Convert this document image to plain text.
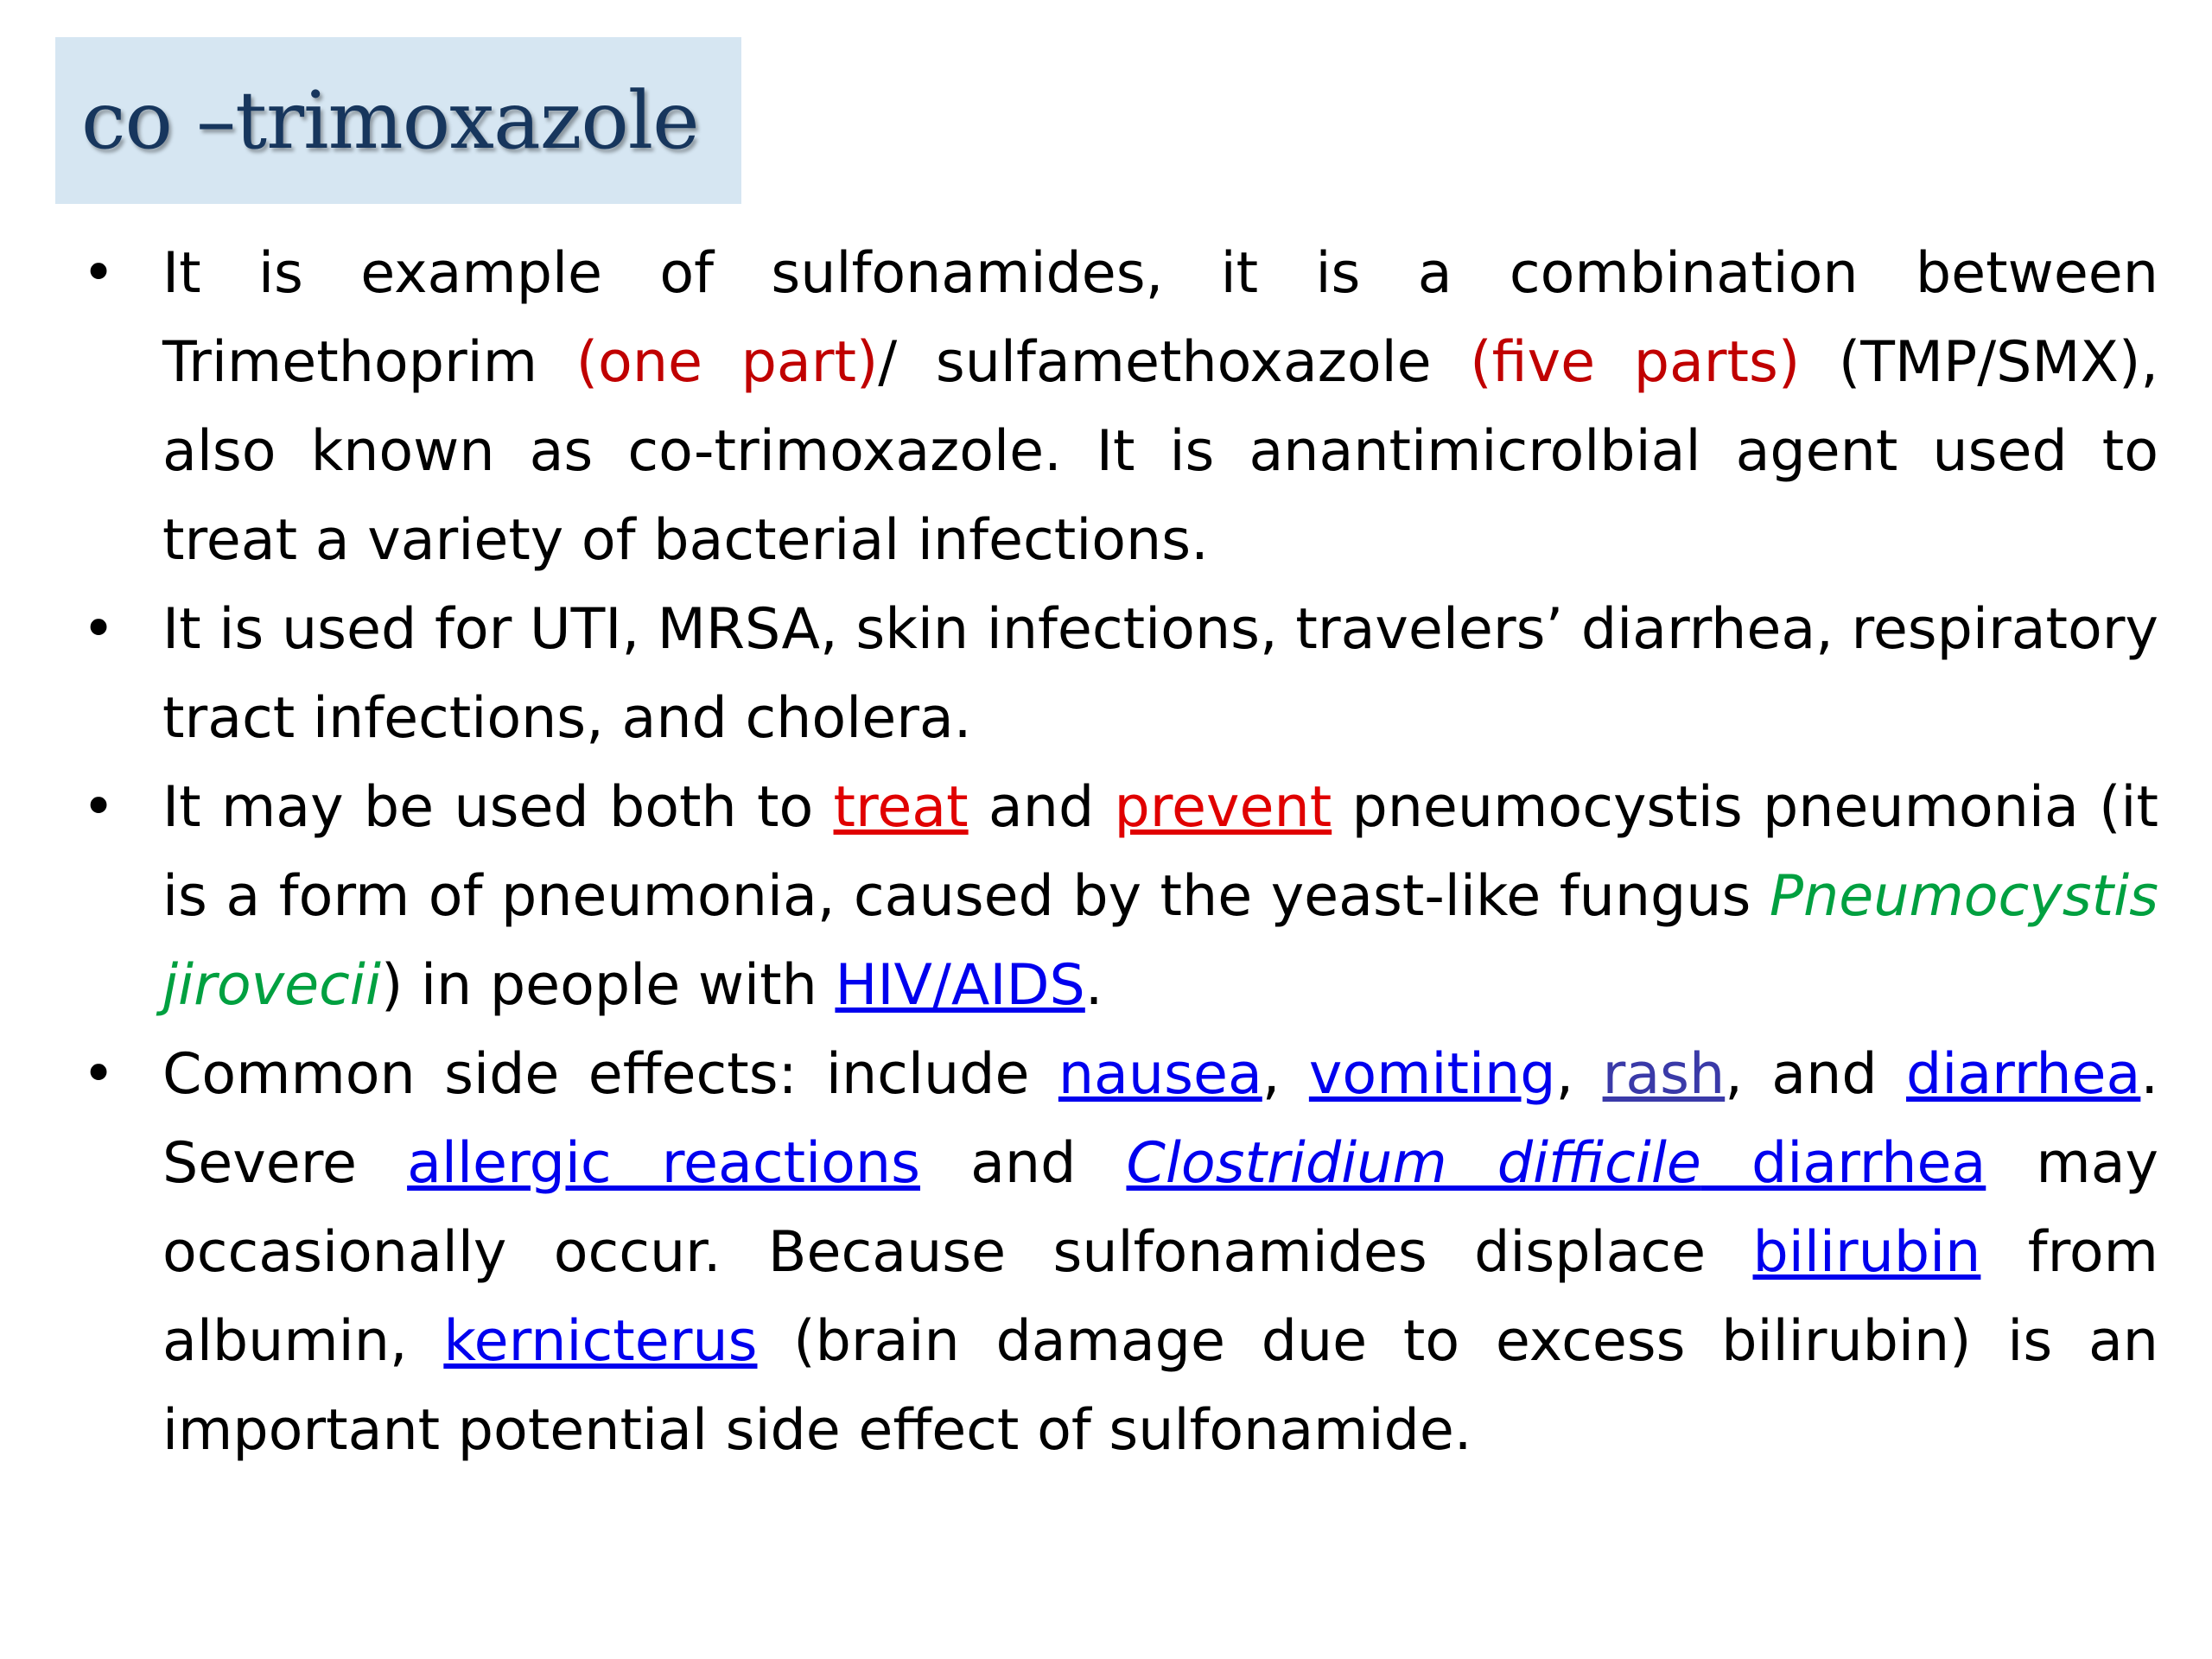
co –trimoxazole
• It is example of sulfonamides, it is a combination between Trimethoprim (one part)/ sulfamethoxazole (five parts) (TMP/SMX), also known as co-trimoxazole. It is anantimicrolbial agent used to treat a variety of bacterial infections.
• It is used for UTI, MRSA, skin infections, travelers’ diarrhea, respiratory tract infections, and cholera.
• It may be used both to treat and prevent pneumocystis pneumonia (it is a form of pneumonia, caused by the yeast-like fungus Pneumocystis jirovecii) in people with HIV/AIDS.
• Common side effects: include nausea, vomiting, rash, and diarrhea. Severe allergic reactions and Clostridium difficile diarrhea may occasionally occur. Because sulfonamides displace bilirubin from albumin, kernicterus (brain damage due to excess bilirubin) is an important potential side effect of sulfonamide.
